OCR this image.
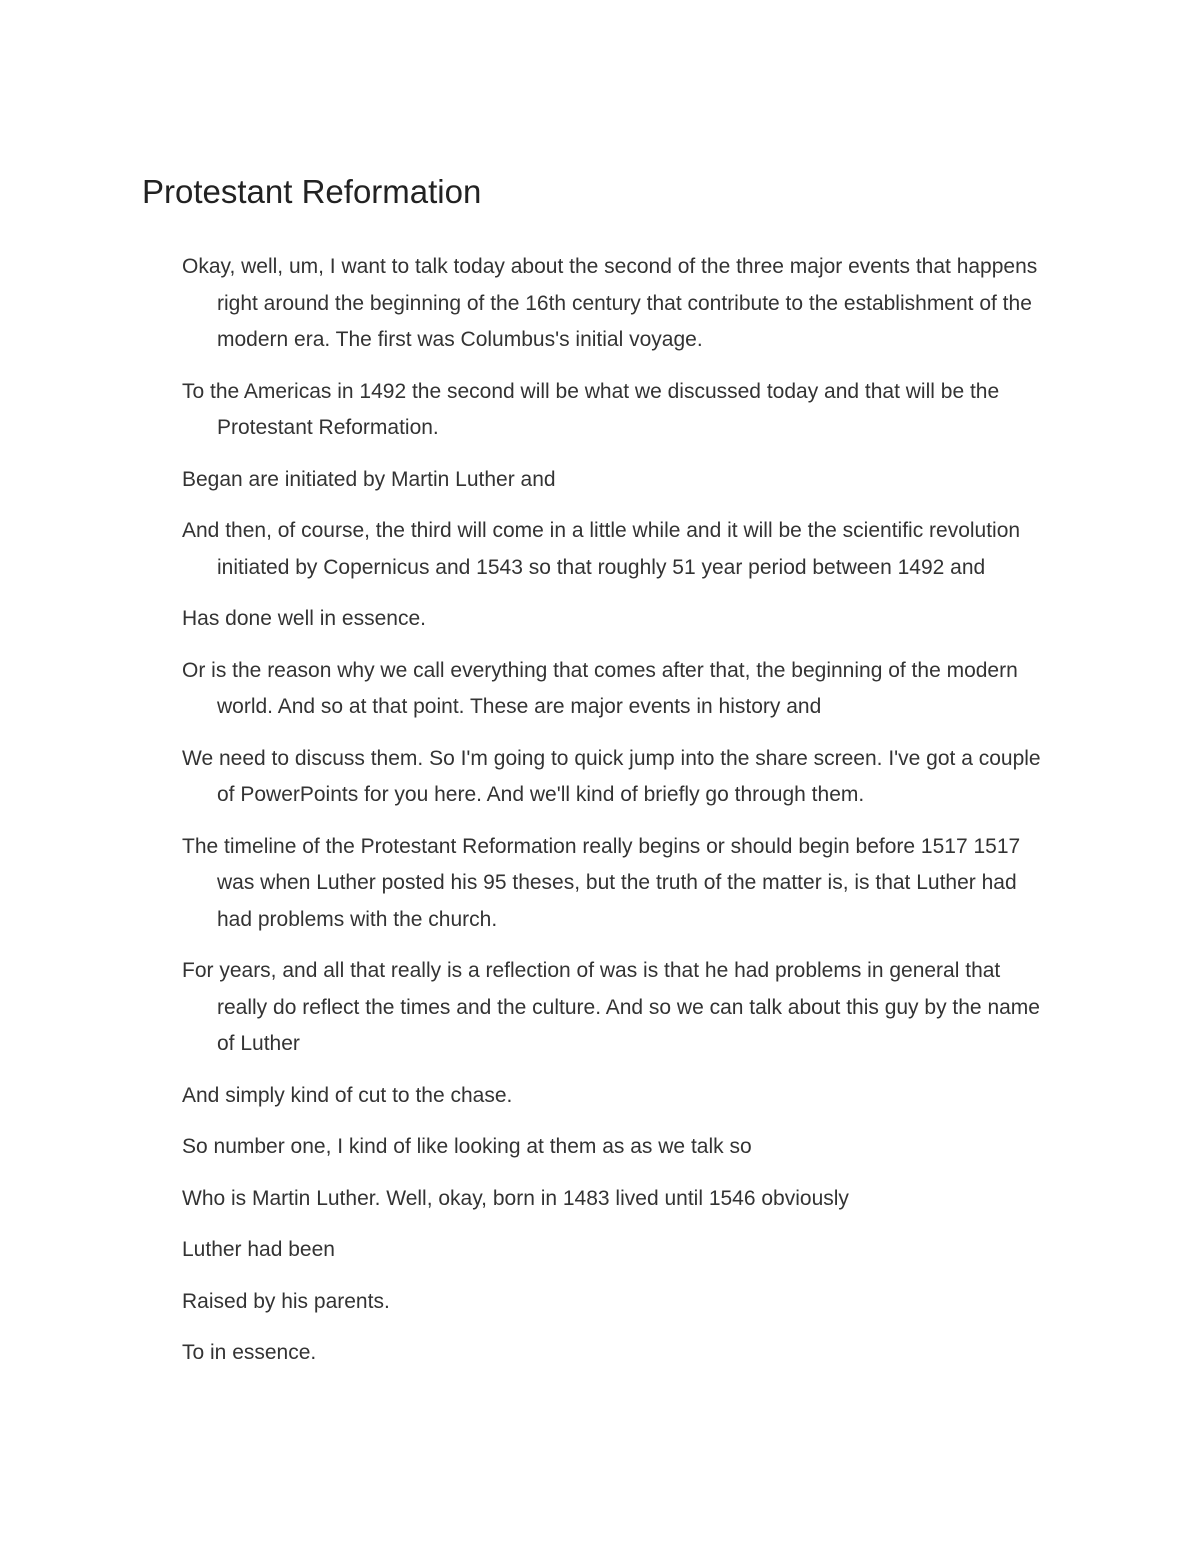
Protestant Reformation

Okay, well, um, I want to talk today about the second of the three major events that happens right around the beginning of the 16th century that contribute to the establishment of the modern era. The first was Columbus's initial voyage.

To the Americas in 1492 the second will be what we discussed today and that will be the Protestant Reformation.

Began are initiated by Martin Luther and

And then, of course, the third will come in a little while and it will be the scientific revolution initiated by Copernicus and 1543 so that roughly 51 year period between 1492 and

Has done well in essence.

Or is the reason why we call everything that comes after that, the beginning of the modern world. And so at that point. These are major events in history and

We need to discuss them. So I'm going to quick jump into the share screen. I've got a couple of PowerPoints for you here. And we'll kind of briefly go through them.

The timeline of the Protestant Reformation really begins or should begin before 1517 1517 was when Luther posted his 95 theses, but the truth of the matter is, is that Luther had had problems with the church.

For years, and all that really is a reflection of was is that he had problems in general that really do reflect the times and the culture. And so we can talk about this guy by the name of Luther

And simply kind of cut to the chase.

So number one, I kind of like looking at them as as we talk so

Who is Martin Luther. Well, okay, born in 1483 lived until 1546 obviously

Luther had been

Raised by his parents.

To in essence.
